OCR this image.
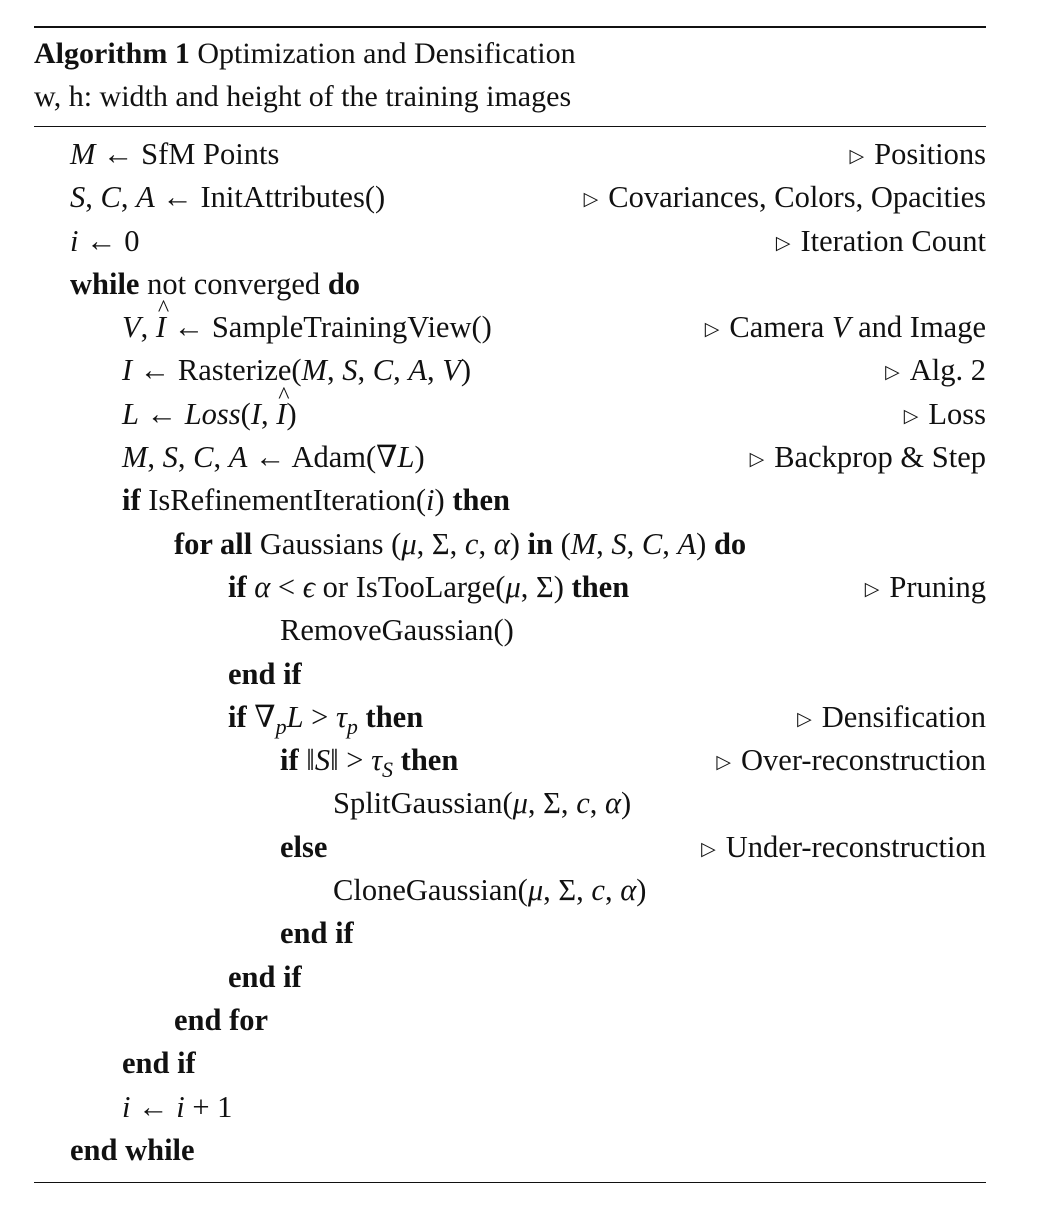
Algorithm 1 Optimization and Densification
w, h: width and height of the training images
M ← SfM Points	▷ Positions
S, C, A ← InitAttributes()	▷ Covariances, Colors, Opacities
i ← 0	▷ Iteration Count
while not converged do
V, ^ I ← SampleTrainingView()	▷ Camera V and Image
I ← Rasterize(M, S, C, A, V)	▷ Alg. 2
L ← Loss(I, ^ I)	▷ Loss
M, S, C, A ← Adam(∇L)	▷ Backprop & Step
if IsRefinementIteration(i) then
for all Gaussians (μ, Σ, c, α) in (M, S, C, A) do
if α < ϵ or IsTooLarge(μ, Σ) then	▷ Pruning
RemoveGaussian()
end if
if $\nabla_pL > \tau_p$ then	▷ Densification
if ‖S‖ > $\tau_S$ then	▷ Over-reconstruction
SplitGaussian(μ, Σ, c, α)
else	▷ Under-reconstruction
CloneGaussian(μ, Σ, c, α)
end if
end if
end for
end if
i ← i + 1
end while
